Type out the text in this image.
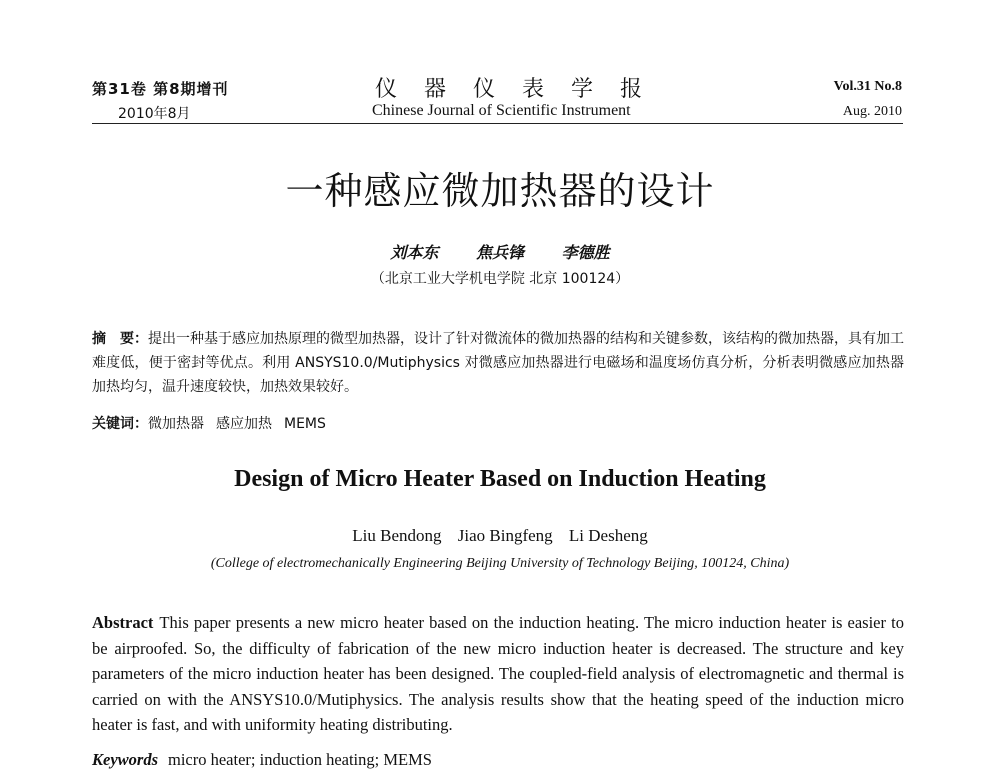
第31卷 第8期增刊
2010年8月
仪器仪表学报
Chinese Journal of Scientific Instrument
Vol.31 No.8
Aug. 2010
一种感应微加热器的设计
刘本东 焦兵锋 李德胜
（北京工业大学机电学院 北京 100124）
摘　要：提出一种基于感应加热原理的微型加热器，设计了针对微流体的微加热器的结构和关键参数，该结构的微加热器，具有加工难度低，便于密封等优点。利用 ANSYS10.0/Mutiphysics 对微感应加热器进行电磁场和温度场仿真分析，分析表明微感应加热器加热均匀，温升速度较快，加热效果较好。
关键词：微加热器 感应加热 MEMS
Design of Micro Heater Based on Induction Heating
Liu Bendong Jiao Bingfeng Li Desheng
(College of electromechanically Engineering Beijing University of Technology Beijing, 100124, China)
Abstract This paper presents a new micro heater based on the induction heating. The micro induction heater is easier to be airproofed. So, the difficulty of fabrication of the new micro induction heater is decreased. The structure and key parameters of the micro induction heater has been designed. The coupled-field analysis of electromagnetic and thermal is carried on with the ANSYS10.0/Mutiphysics. The analysis results show that the heating speed of the induction micro heater is fast, and with uniformity heating distributing.
Keywords micro heater; induction heating; MEMS
